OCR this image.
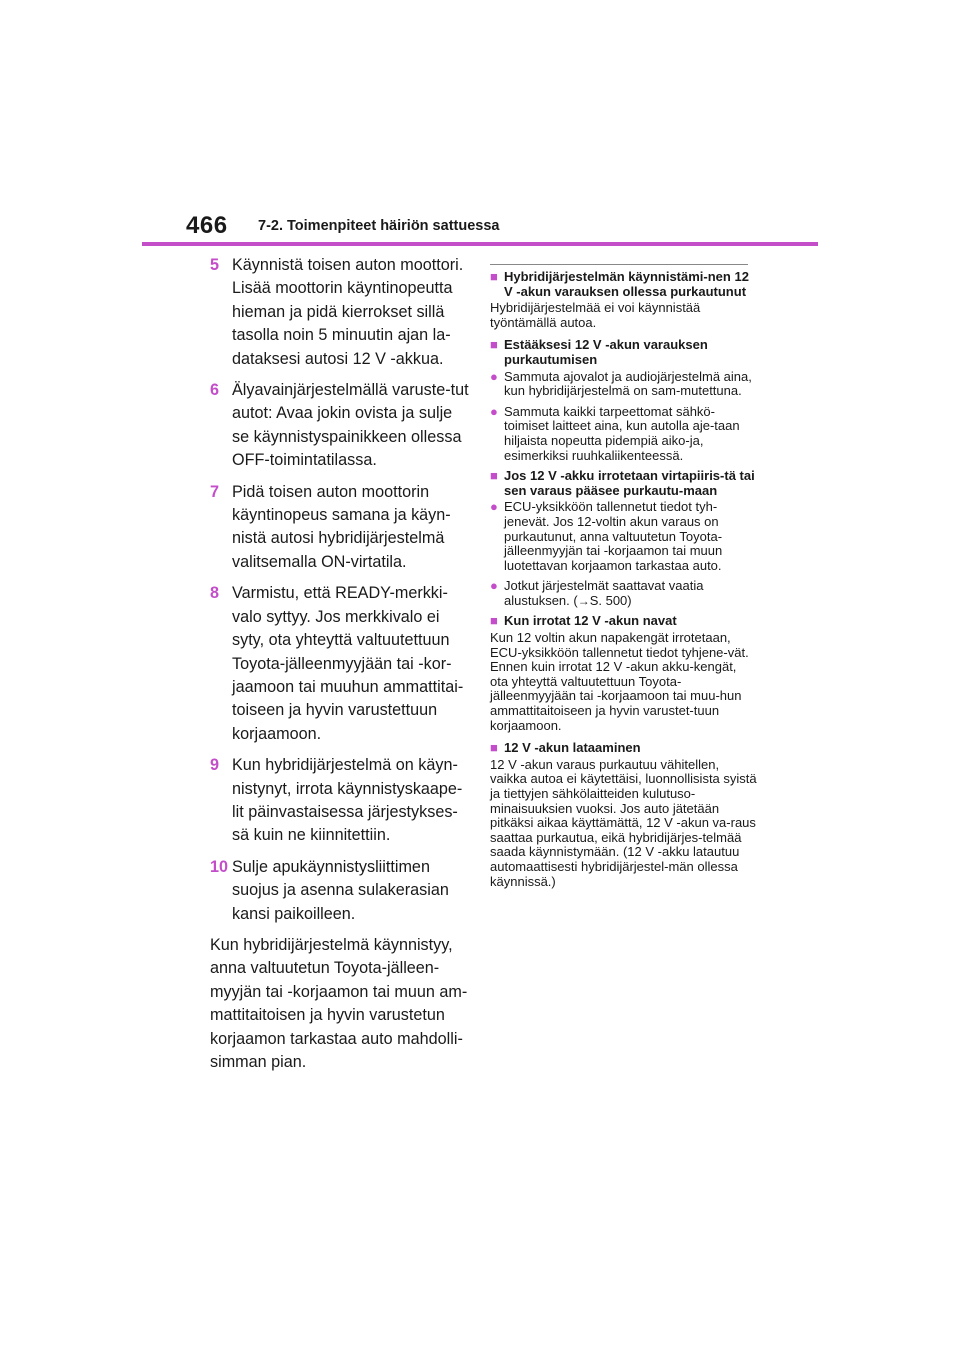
466 7-2. Toimenpiteet häiriön sattuessa
5 Käynnistä toisen auton moottori. Lisää moottorin käyntinopeutta hieman ja pidä kierrokset sillä tasolla noin 5 minuutin ajan la-dataksesi autosi 12 V -akkua.
6 Älyavainjärjestelmällä varuste-tut autot: Avaa jokin ovista ja sulje se käynnistyspainikkeen ollessa OFF-toimintatilassa.
7 Pidä toisen auton moottorin käyntinopeus samana ja käyn-nistä autosi hybridijärjestelmä valitsemalla ON-virtatila.
8 Varmistu, että READY-merkki-valo syttyy. Jos merkkivalo ei syty, ota yhteyttä valtuutettuun Toyota-jälleenmyyjään tai -kor-jaamoon tai muuhun ammattitai-toiseen ja hyvin varustettuun korjaamoon.
9 Kun hybridijärjestelmä on käyn-nistynyt, irrota käynnistyskaape-lit päinvastaisessa järjestykses-sä kuin ne kiinnitettiin.
10 Sulje apukäynnistysliittimen suojus ja asenna sulakerasian kansi paikoilleen.
Kun hybridijärjestelmä käynnistyy, anna valtuutetun Toyota-jälleen-myyjän tai -korjaamon tai muun am-mattitaitoisen ja hyvin varustetun korjaamon tarkastaa auto mahdolli-simman pian.
■ Hybridijärjestelmän käynnistämi-nen 12 V -akun varauksen ollessa purkautunut
Hybridijärjestelmää ei voi käynnistää työntämällä autoa.
■ Estääksesi 12 V -akun varauksen purkautumisen
● Sammuta ajovalot ja audiojärjestelmä aina, kun hybridijärjestelmä on sam-mutettuna.
● Sammuta kaikki tarpeettomat sähkö-toimiset laitteet aina, kun autolla aje-taan hiljaista nopeutta pidempiä aiko-ja, esimerkiksi ruuhkaliikenteessä.
■ Jos 12 V -akku irrotetaan virtapiiris-tä tai sen varaus pääsee purkautu-maan
● ECU-yksikköön tallennetut tiedot tyh-jenevät. Jos 12-voltin akun varaus on purkautunut, anna valtuutetun Toyota-jälleenmyyjän tai -korjaamon tai muun luotettavan korjaamon tarkastaa auto.
● Jotkut järjestelmät saattavat vaatia alustuksen. (→S. 500)
■ Kun irrotat 12 V -akun navat
Kun 12 voltin akun napakengät irrotetaan, ECU-yksikköön tallennetut tiedot tyhjene-vät. Ennen kuin irrotat 12 V -akun akku-kengät, ota yhteyttä valtuutettuun Toyota-jälleenmyyjään tai -korjaamoon tai muu-hun ammattitaitoiseen ja hyvin varustet-tuun korjaamoon.
■ 12 V -akun lataaminen
12 V -akun varaus purkautuu vähitellen, vaikka autoa ei käytettäisi, luonnollisista syistä ja tiettyjen sähkölaitteiden kulutuso-minaisuuksien vuoksi. Jos auto jätetään pitkäksi aikaa käyttämättä, 12 V -akun va-raus saattaa purkautua, eikä hybridijärjes-telmää saada käynnistymään. (12 V -akku latautuu automaattisesti hybridijärjestel-män ollessa käynnissä.)
